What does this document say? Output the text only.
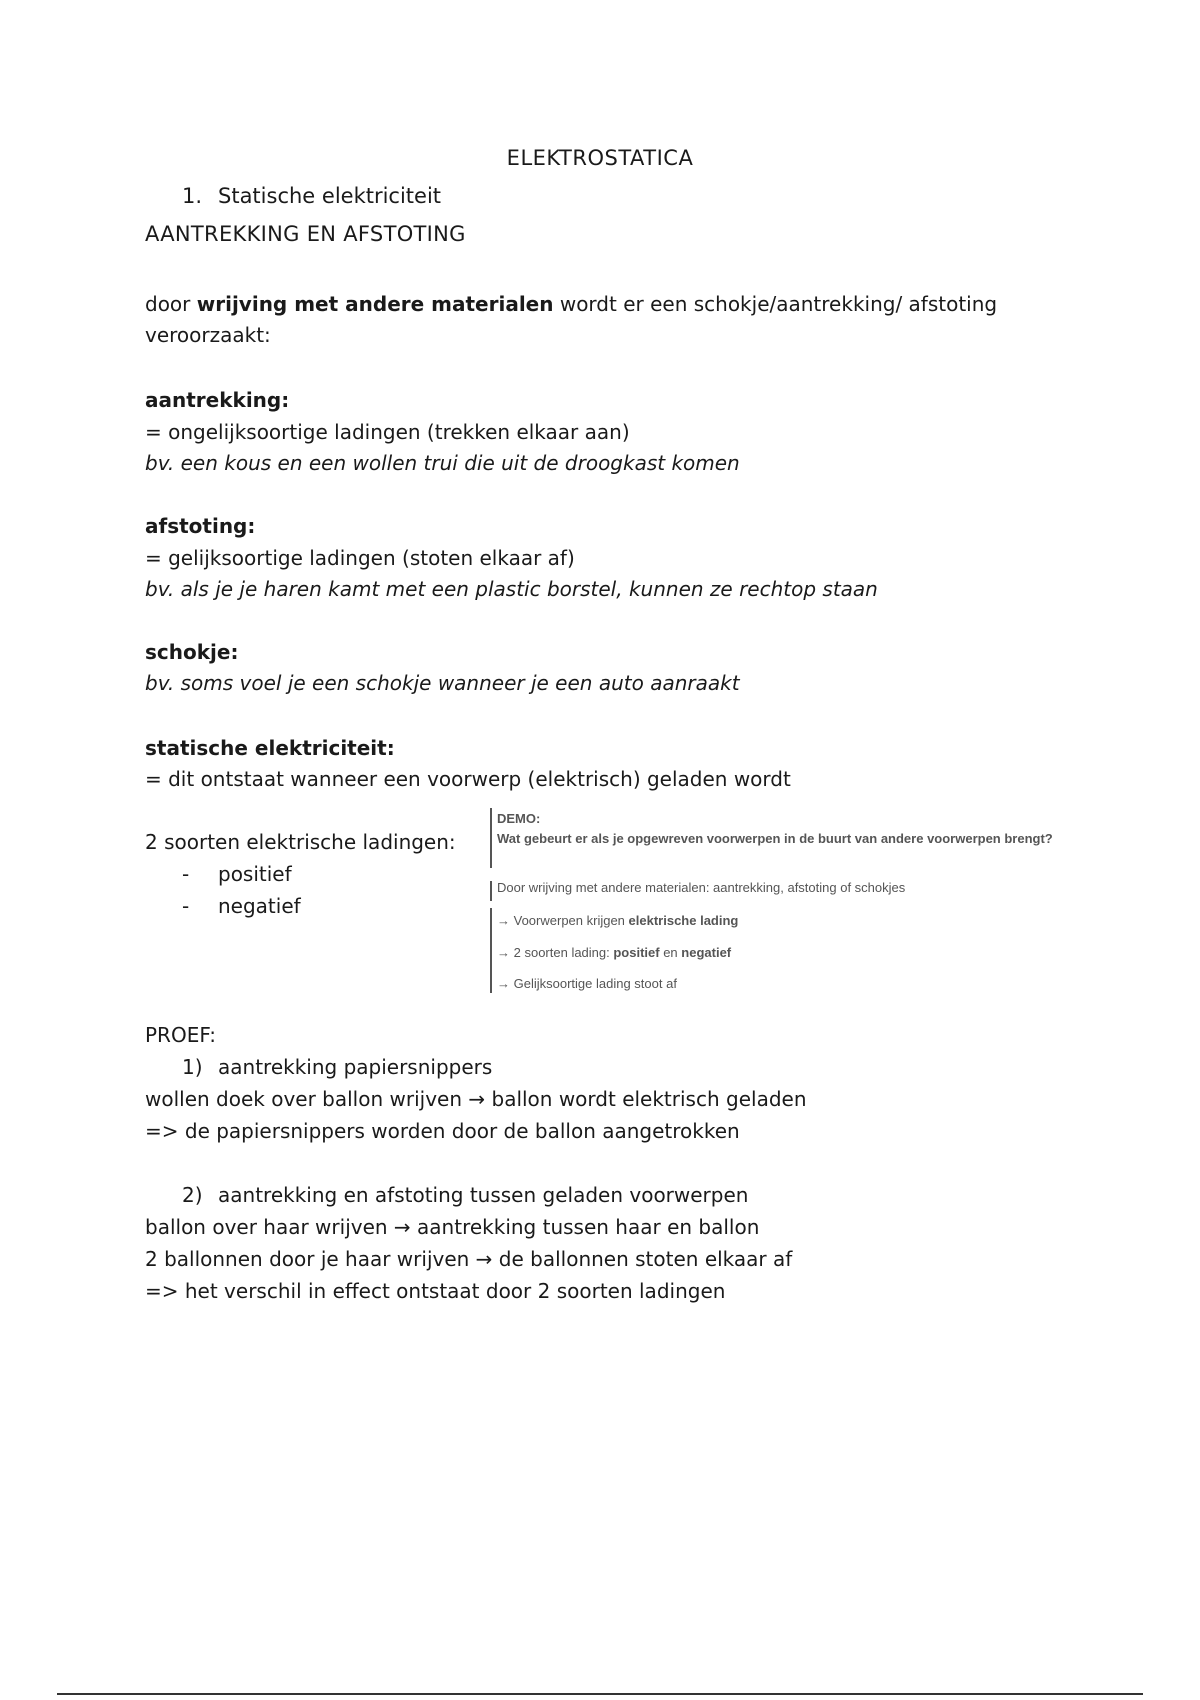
ELEKTROSTATICA
1. Statische elektriciteit
AANTREKKING EN AFSTOTING
door wrijving met andere materialen wordt er een schokje/aantrekking/ afstoting
veroorzaakt:
aantrekking:
= ongelijksoortige ladingen (trekken elkaar aan)
bv. een kous en een wollen trui die uit de droogkast komen
afstoting:
= gelijksoortige ladingen (stoten elkaar af)
bv. als je je haren kamt met een plastic borstel, kunnen ze rechtop staan
schokje:
bv. soms voel je een schokje wanneer je een auto aanraakt
statische elektriciteit:
= dit ontstaat wanneer een voorwerp (elektrisch) geladen wordt
2 soorten elektrische ladingen:
- positief
- negatief
DEMO:
Wat gebeurt er als je opgewreven voorwerpen in de buurt van andere voorwerpen brengt?
Door wrijving met andere materialen: aantrekking, afstoting of schokjes
→ Voorwerpen krijgen elektrische lading
→ 2 soorten lading: positief en negatief
→ Gelijksoortige lading stoot af
PROEF:
1) aantrekking papiersnippers
wollen doek over ballon wrijven → ballon wordt elektrisch geladen
=> de papiersnippers worden door de ballon aangetrokken
2) aantrekking en afstoting tussen geladen voorwerpen
ballon over haar wrijven → aantrekking tussen haar en ballon
2 ballonnen door je haar wrijven → de ballonnen stoten elkaar af
=> het verschil in effect ontstaat door 2 soorten ladingen
